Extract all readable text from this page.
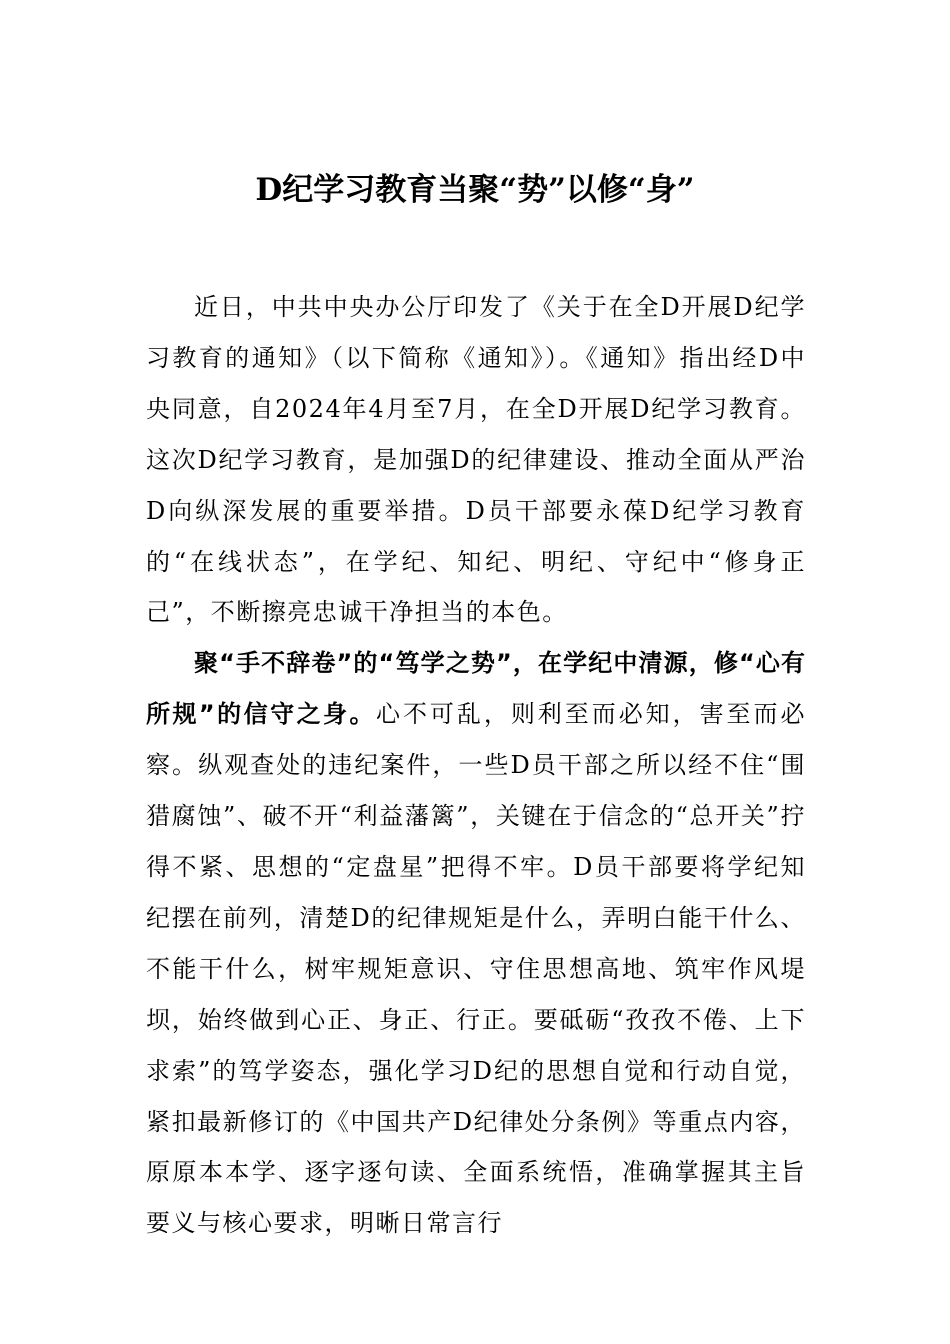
D纪学习教育当聚“势”以修“身”

近日，中共中央办公厅印发了《关于在全D开展D纪学习教育的通知》（以下简称《通知》）。《通知》指出经D中央同意，自2024年4月至7月，在全D开展D纪学习教育。这次D纪学习教育，是加强D的纪律建设、推动全面从严治D向纵深发展的重要举措。D员干部要永葆D纪学习教育的“在线状态”，在学纪、知纪、明纪、守纪中“修身正己”，不断擦亮忠诚干净担当的本色。

聚“手不辞卷”的“笃学之势”，在学纪中清源，修“心有所规”的信守之身。心不可乱，则利至而必知，害至而必察。纵观查处的违纪案件，一些D员干部之所以经不住“围猎腐蚀”、破不开“利益藩篱”，关键在于信念的“总开关”拧得不紧、思想的“定盘星”把得不牢。D员干部要将学纪知纪摆在前列，清楚D的纪律规矩是什么，弄明白能干什么、不能干什么，树牢规矩意识、守住思想高地、筑牢作风堤坝，始终做到心正、身正、行正。要砥砺“孜孜不倦、上下求索”的笃学姿态，强化学习D纪的思想自觉和行动自觉，紧扣最新修订的《中国共产D纪律处分条例》等重点内容，原原本本学、逐字逐句读、全面系统悟，准确掌握其主旨要义与核心要求，明晰日常言行
